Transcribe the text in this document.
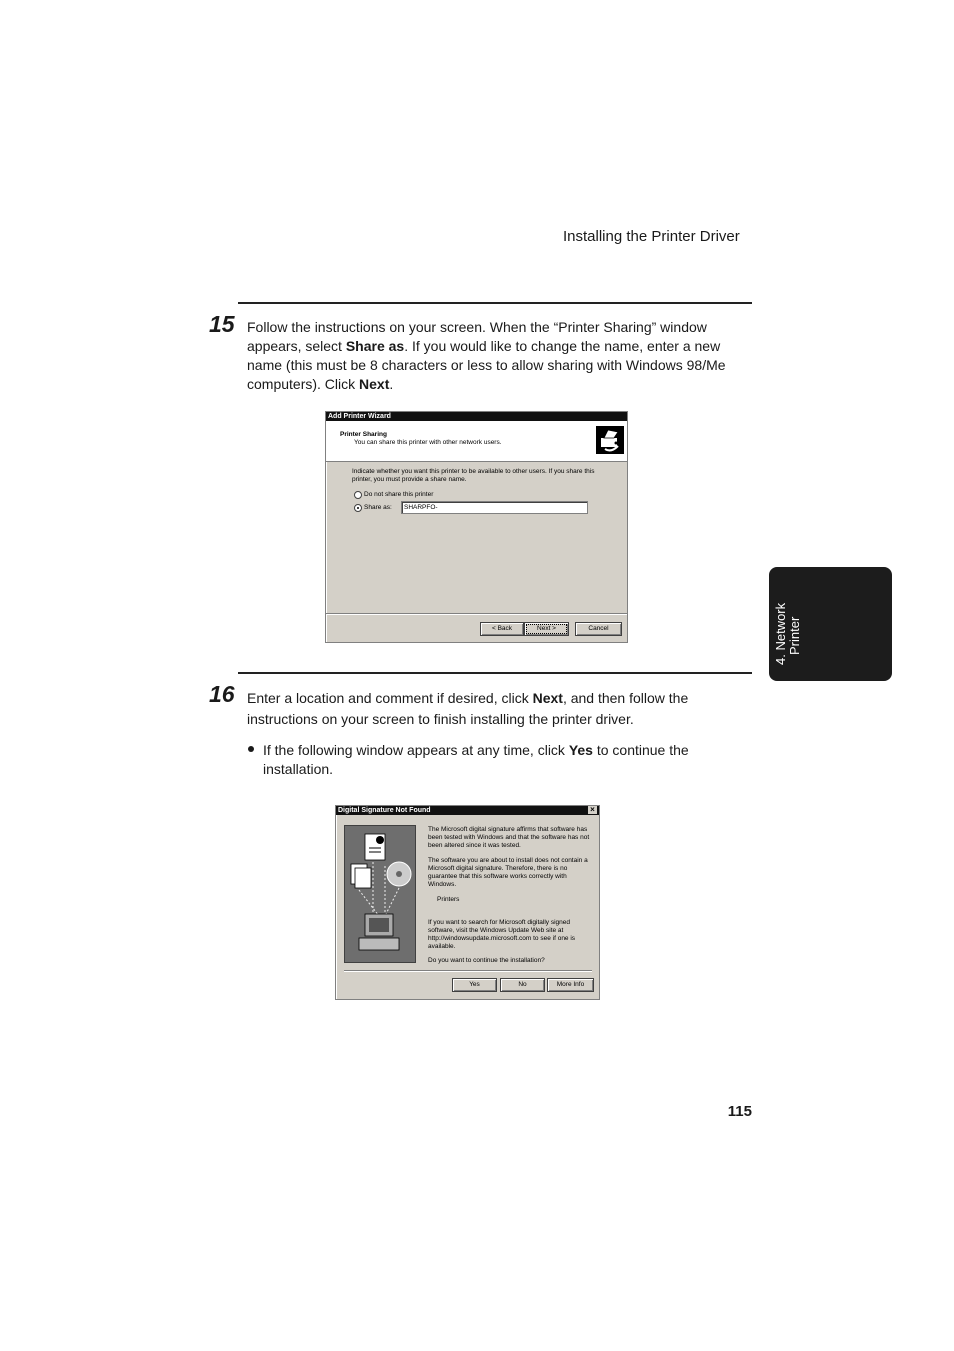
Installing the Printer Driver
4. Network Printer
15 Follow the instructions on your screen. When the “Printer Sharing” window appears, select Share as. If you would like to change the name, enter a new name (this must be 8 characters or less to allow sharing with Windows 98/Me computers). Click Next.
Add Printer Wizard
Printer Sharing
You can share this printer with other network users.
Indicate whether you want this printer to be available to other users. If you share this
printer, you must provide a share name.
Do not share this printer
Share as: SHARPFO-
< Back	Next >	Cancel
16 Enter a location and comment if desired, click Next, and then follow the instructions on your screen to finish installing the printer driver.
If the following window appears at any time, click Yes to continue the installation.
Digital Signature Not Found	×
The Microsoft digital signature affirms that software has
been tested with Windows and that the software has not
been altered since it was tested.
The software you are about to install does not contain a
Microsoft digital signature. Therefore, there is no
guarantee that this software works correctly with
Windows.
Printers
If you want to search for Microsoft digitally signed
software, visit the Windows Update Web site at
http://windowsupdate.microsoft.com to see if one is
available.
Do you want to continue the installation?
Yes	No	More Info
115
